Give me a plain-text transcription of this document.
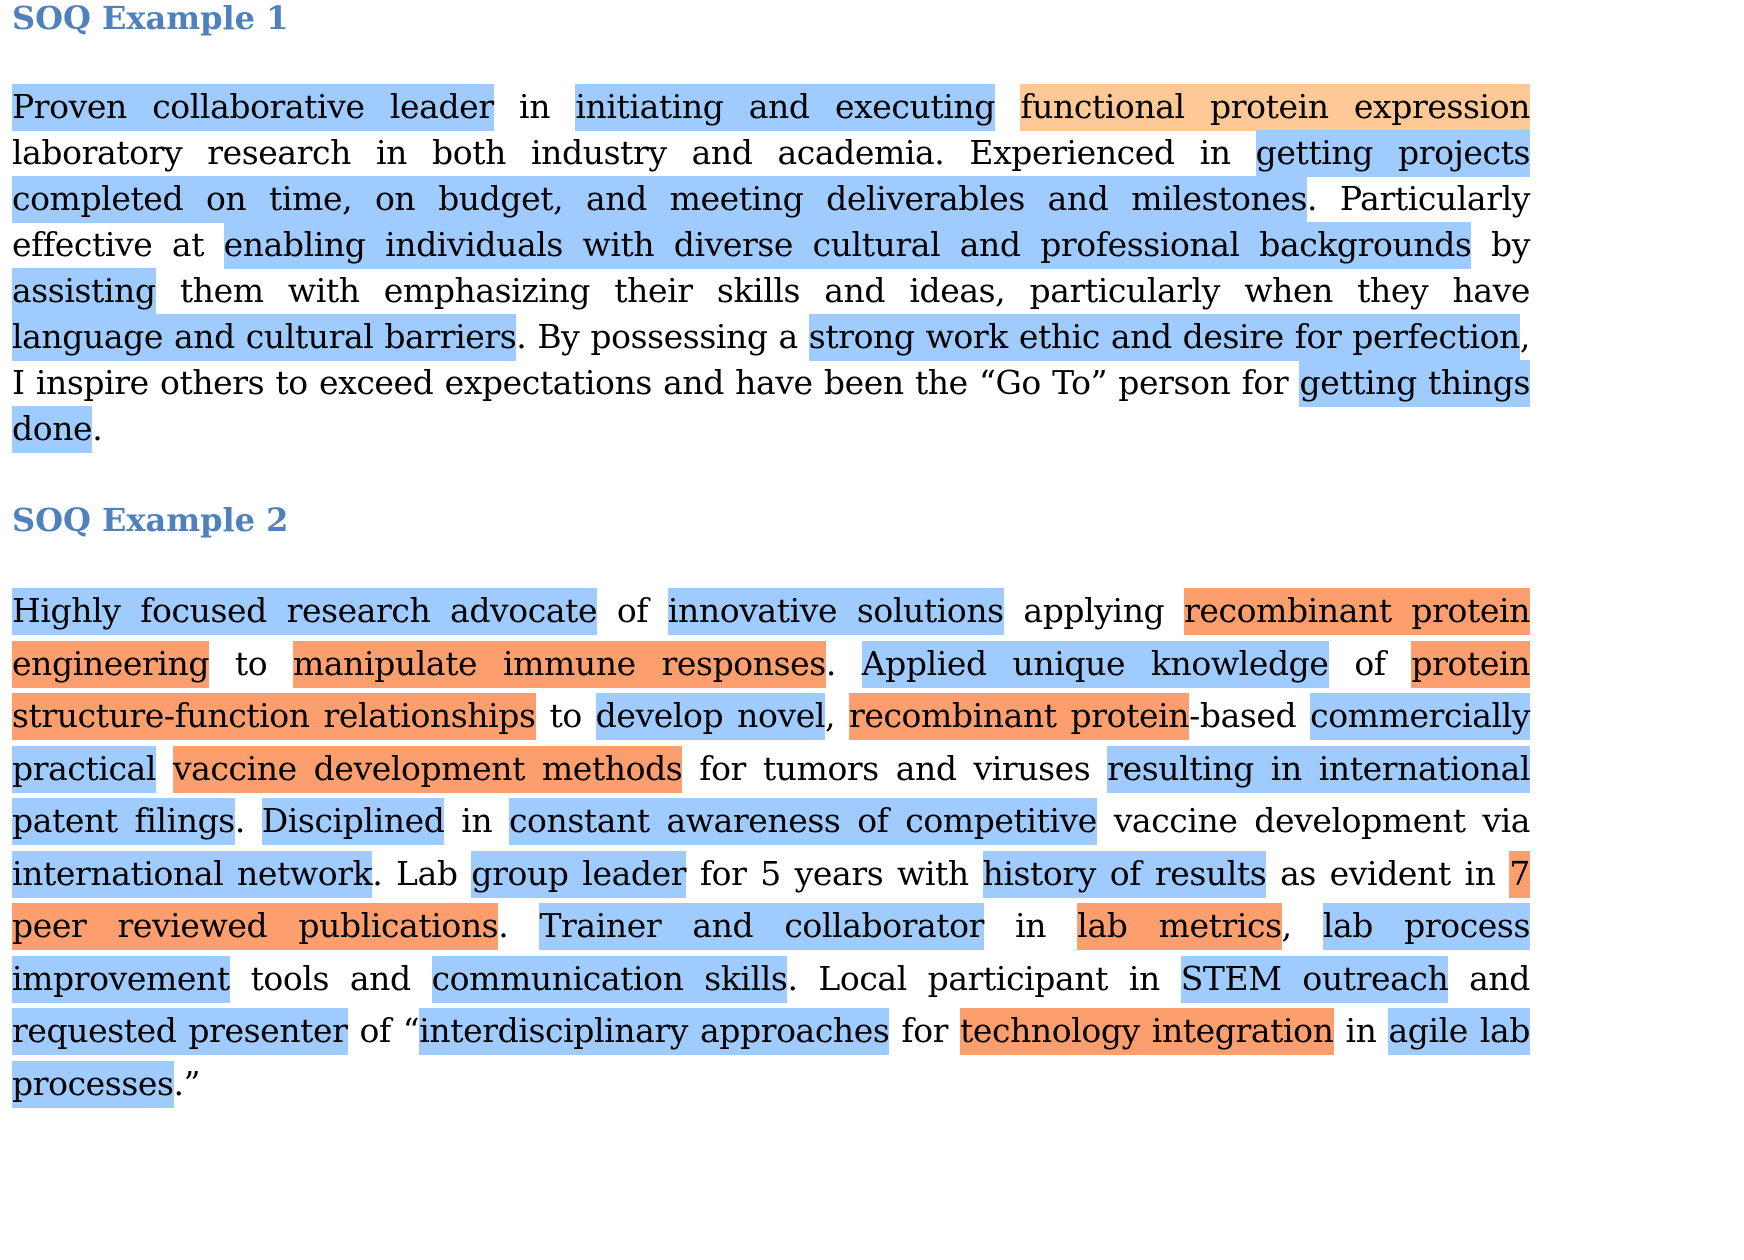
SOQ Example 1

Proven collaborative leader in initiating and executing functional protein expression laboratory research in both industry and academia. Experienced in getting projects completed on time, on budget, and meeting deliverables and milestones. Particularly effective at enabling individuals with diverse cultural and professional backgrounds by assisting them with emphasizing their skills and ideas, particularly when they have language and cultural barriers. By possessing a strong work ethic and desire for perfection, I inspire others to exceed expectations and have been the “Go To” person for getting things done.

SOQ Example 2

Highly focused research advocate of innovative solutions applying recombinant protein engineering to manipulate immune responses. Applied unique knowledge of protein structure-function relationships to develop novel, recombinant protein-based commercially practical vaccine development methods for tumors and viruses resulting in international patent filings. Disciplined in constant awareness of competitive vaccine development via international network. Lab group leader for 5 years with history of results as evident in 7 peer reviewed publications. Trainer and collaborator in lab metrics, lab process improvement tools and communication skills. Local participant in STEM outreach and requested presenter of “interdisciplinary approaches for technology integration in agile lab processes.”
